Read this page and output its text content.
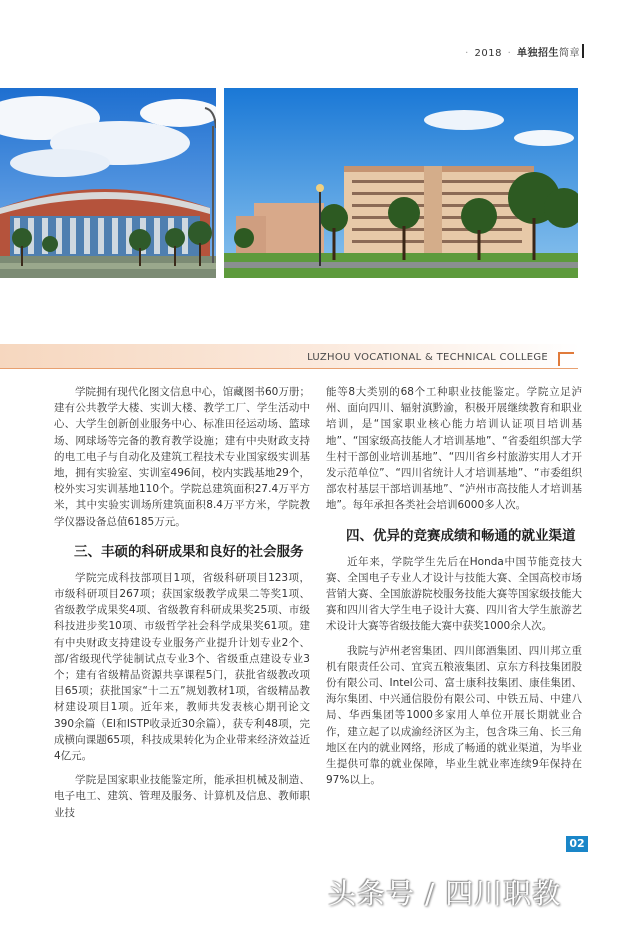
· 2018 · 单独招生简章
LUZHOU VOCATIONAL & TECHNICAL COLLEGE

学院拥有现代化图文信息中心，馆藏图书60万册；建有公共教学大楼、实训大楼、教学工厂、学生活动中心、大学生创新创业服务中心、标准田径运动场、篮球场、网球场等完备的教育教学设施；建有中央财政支持的电工电子与自动化及建筑工程技术专业国家级实训基地，拥有实验室、实训室496间，校内实践基地29个，校外实习实训基地110个。学院总建筑面积27.4万平方米，其中实验实训场所建筑面积8.4万平方米，学院教学仪器设备总值6185万元。

三、丰硕的科研成果和良好的社会服务

学院完成科技部项目1项，省级科研项目123项，市级科研项目267项；获国家级教学成果二等奖1项、省级教学成果奖4项、省级教育科研成果奖25项、市级科技进步奖10项、市级哲学社会科学成果奖61项。建有中央财政支持建设专业服务产业提升计划专业2个、部/省级现代学徒制试点专业3个、省级重点建设专业3个；建有省级精品资源共享课程5门，获批省级教改项目65项；获批国家“十二五”规划教材1项，省级精品教材建设项目1项。近年来，教师共发表核心期刊论文390余篇（EI和ISTP收录近30余篇），获专利48项，完成横向课题65项，科技成果转化为企业带来经济效益近4亿元。

学院是国家职业技能鉴定所，能承担机械及制造、电子电工、建筑、管理及服务、计算机及信息、教师职业技

能等8大类别的68个工种职业技能鉴定。学院立足泸州、面向四川、辐射滇黔渝，积极开展继续教育和职业培训，是“国家职业核心能力培训认证项目培训基地”、“国家级高技能人才培训基地”、“省委组织部大学生村干部创业培训基地”、“四川省乡村旅游实用人才开发示范单位”、“四川省统计人才培训基地”、“市委组织部农村基层干部培训基地”、“泸州市高技能人才培训基地”。每年承担各类社会培训6000多人次。

四、优异的竞赛成绩和畅通的就业渠道

近年来，学院学生先后在Honda中国节能竞技大赛、全国电子专业人才设计与技能大赛、全国高校市场营销大赛、全国旅游院校服务技能大赛等国家级技能大赛和四川省大学生电子设计大赛、四川省大学生旅游艺术设计大赛等省级技能大赛中获奖1000余人次。

我院与泸州老窖集团、四川郎酒集团、四川邦立重机有限责任公司、宜宾五粮液集团、京东方科技集团股份有限公司、Intel公司、富士康科技集团、康佳集团、海尔集团、中兴通信股份有限公司、中铁五局、中建八局、华西集团等1000多家用人单位开展长期就业合作，建立起了以成渝经济区为主，包含珠三角、长三角地区在内的就业网络，形成了畅通的就业渠道，为毕业生提供可靠的就业保障，毕业生就业率连续9年保持在97%以上。

02
头条号 / 四川职教
